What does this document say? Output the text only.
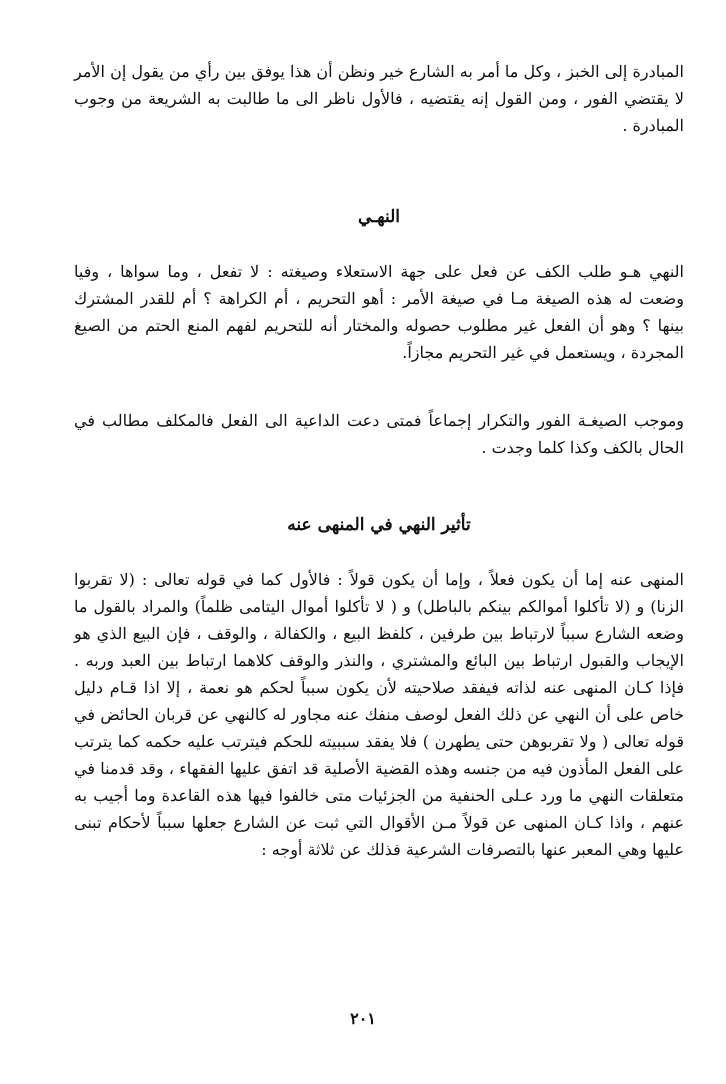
المبادرة إلى الخبز ، وكل ما أمر به الشارع خير ونظن أن هذا يوفق بين رأي من يقول إن الأمر لا يقتضي الفور ، ومن القول إنه يقتضيه ، فالأول ناظر الى ما طالبت به الشريعة من وجوب المبادرة .

النهـي

النهي هـو طلب الكف عن فعل على جهة الاستعلاء وصيغته : لا تفعل ، وما سواها ، وفيا وضعت له هذه الصيغة مـا في صيغة الأمر : أهو التحريم ، أم الكراهة ؟ أم للقدر المشترك بينها ؟ وهو أن الفعل غير مطلوب حصوله والمختار أنه للتحريم لفهم المنع الحتم من الصيغ المجردة ، ويستعمل في غير التحريم مجازاً.

وموجب الصيغـة الفور والتكرار إجماعاً فمتى دعت الداعية الى الفعل فالمكلف مطالب في الحال بالكف وكذا كلما وجدت .

تأثير النهي في المنهى عنه

المنهى عنه إما أن يكون فعلاً ، وإما أن يكون قولاً : فالأول كما في قوله تعالى : (لا تقربوا الزنا) و (لا تأكلوا أموالكم بينكم بالباطل) و ( لا تأكلوا أموال اليتامى ظلماً) والمراد بالقول ما وضعه الشارع سبباً لارتباط بين طرفين ، كلفظ البيع ، والكفالة ، والوقف ، فإن البيع الذي هو الإيجاب والقبول ارتباط بين البائع والمشتري ، والنذر والوقف كلاهما ارتباط بين العبد وربه . فإذا كـان المنهى عنه لذاته فيفقد صلاحيته لأن يكون سبباً لحكم هو نعمة ، إلا اذا قـام دليل خاص على أن النهي عن ذلك الفعل لوصف منفك عنه مجاور له كالنهي عن قربان الحائض في قوله تعالى ( ولا تقربوهن حتى يطهرن ) فلا يفقد سببيته للحكم فيترتب عليه حكمه كما يترتب على الفعل المأذون فيه من جنسه وهذه القضية الأصلية قد اتفق عليها الفقهاء ، وقد قدمنا في متعلقات النهي ما ورد عـلى الحنفية من الجزئيات متى خالفوا فيها هذه القاعدة وما أجيب به عنهم ، واذا كـان المنهى عن قولاً مـن الأقوال التي ثبت عن الشارع جعلها سبباً لأحكام تبنى عليها وهي المعبر عنها بالتصرفات الشرعية فذلك عن ثلاثة أوجه :

٢٠١
